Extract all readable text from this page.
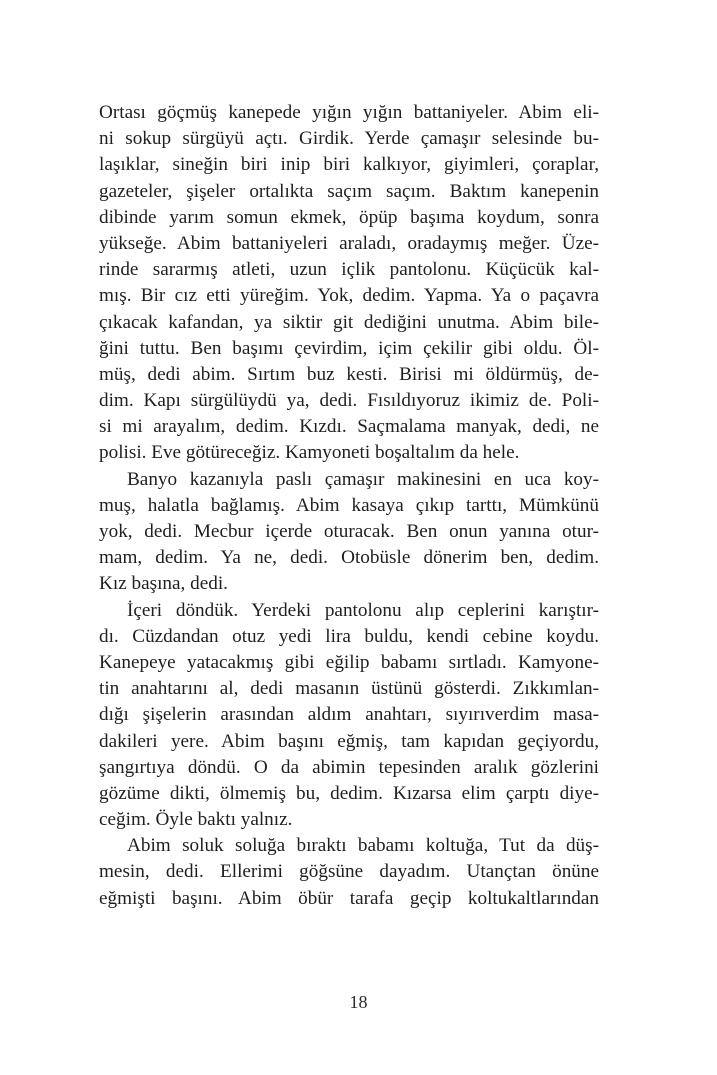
Ortası göçmüş kanepede yığın yığın battaniyeler. Abim eli-
ni sokup sürgüyü açtı. Girdik. Yerde çamaşır selesinde bu-
laşıklar, sineğin biri inip biri kalkıyor, giyimleri, çoraplar,
gazeteler, şişeler ortalıkta saçım saçım. Baktım kanepenin
dibinde yarım somun ekmek, öpüp başıma koydum, sonra
yükseğe. Abim battaniyeleri araladı, oradaymış meğer. Üze-
rinde sararmış atleti, uzun içlik pantolonu. Küçücük kal-
mış. Bir cız etti yüreğim. Yok, dedim. Yapma. Ya o paçavra
çıkacak kafandan, ya siktir git dediğini unutma. Abim bile-
ğini tuttu. Ben başımı çevirdim, içim çekilir gibi oldu. Öl-
müş, dedi abim. Sırtım buz kesti. Birisi mi öldürmüş, de-
dim. Kapı sürgülüydü ya, dedi. Fısıldıyoruz ikimiz de. Poli-
si mi arayalım, dedim. Kızdı. Saçmalama manyak, dedi, ne
polisi. Eve götüreceğiz. Kamyoneti boşaltalım da hele.
Banyo kazanıyla paslı çamaşır makinesini en uca koy-
muş, halatla bağlamış. Abim kasaya çıkıp tarttı, Mümkünü
yok, dedi. Mecbur içerde oturacak. Ben onun yanına otur-
mam, dedim. Ya ne, dedi. Otobüsle dönerim ben, dedim.
Kız başına, dedi.
İçeri döndük. Yerdeki pantolonu alıp ceplerini karıştır-
dı. Cüzdandan otuz yedi lira buldu, kendi cebine koydu.
Kanepeye yatacakmış gibi eğilip babamı sırtladı. Kamyone-
tin anahtarını al, dedi masanın üstünü gösterdi. Zıkkımlan-
dığı şişelerin arasından aldım anahtarı, sıyırıverdim masa-
dakileri yere. Abim başını eğmiş, tam kapıdan geçiyordu,
şangırtıya döndü. O da abimin tepesinden aralık gözlerini
gözüme dikti, ölmemiş bu, dedim. Kızarsa elim çarptı diye-
ceğim. Öyle baktı yalnız.
Abim soluk soluğa bıraktı babamı koltuğa, Tut da düş-
mesin, dedi. Ellerimi göğsüne dayadım. Utançtan önüne
eğmişti başını. Abim öbür tarafa geçip koltukaltlarından
18
